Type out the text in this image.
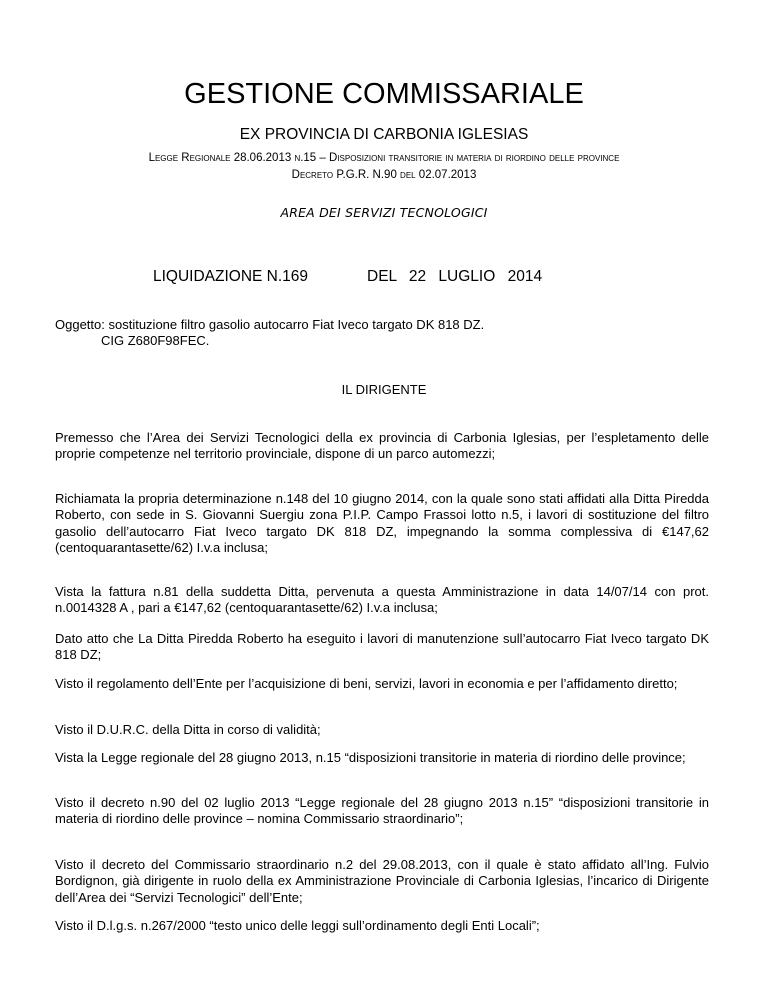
GESTIONE COMMISSARIALE
EX PROVINCIA DI CARBONIA IGLESIAS
Legge Regionale 28.06.2013 n.15 – Disposizioni transitorie in materia di riordino delle province
Decreto P.G.R. N.90 del 02.07.2013
AREA DEI SERVIZI TECNOLOGICI
LIQUIDAZIONE N.169	DEL 22 LUGLIO 2014
Oggetto: sostituzione filtro gasolio autocarro Fiat Iveco targato DK 818 DZ.
CIG Z680F98FEC.
IL DIRIGENTE

Premesso che l’Area dei Servizi Tecnologici della ex provincia di Carbonia Iglesias, per l’espletamento delle proprie competenze nel territorio provinciale, dispone di un parco automezzi;

Richiamata la propria determinazione n.148 del 10 giugno 2014, con la quale sono stati affidati alla Ditta Piredda Roberto, con sede in S. Giovanni Suergiu zona P.I.P. Campo Frassoi lotto n.5, i lavori di sostituzione del filtro gasolio dell’autocarro Fiat Iveco targato DK 818 DZ, impegnando la somma complessiva di €147,62 (centoquarantasette/62) I.v.a inclusa;

Vista la fattura n.81 della suddetta Ditta, pervenuta a questa Amministrazione in data 14/07/14 con prot. n.0014328 A , pari a €147,62 (centoquarantasette/62) I.v.a inclusa;

Dato atto che La Ditta Piredda Roberto ha eseguito i lavori di manutenzione sull’autocarro Fiat Iveco targato DK 818 DZ;

Visto il regolamento dell’Ente per l’acquisizione di beni, servizi, lavori in economia e per l’affidamento diretto;

Visto il D.U.R.C. della Ditta in corso di validità;

Vista la Legge regionale del 28 giugno 2013, n.15 “disposizioni transitorie in materia di riordino delle province;

Visto il decreto n.90 del 02 luglio 2013 “Legge regionale del 28 giugno 2013 n.15” “disposizioni transitorie in materia di riordino delle province – nomina Commissario straordinario”;

Visto il decreto del Commissario straordinario n.2 del 29.08.2013, con il quale è stato affidato all’Ing. Fulvio Bordignon, già dirigente in ruolo della ex Amministrazione Provinciale di Carbonia Iglesias, l’incarico di Dirigente dell’Area dei “Servizi Tecnologici” dell’Ente;

Visto il D.l.g.s. n.267/2000 “testo unico delle leggi sull’ordinamento degli Enti Locali”;
